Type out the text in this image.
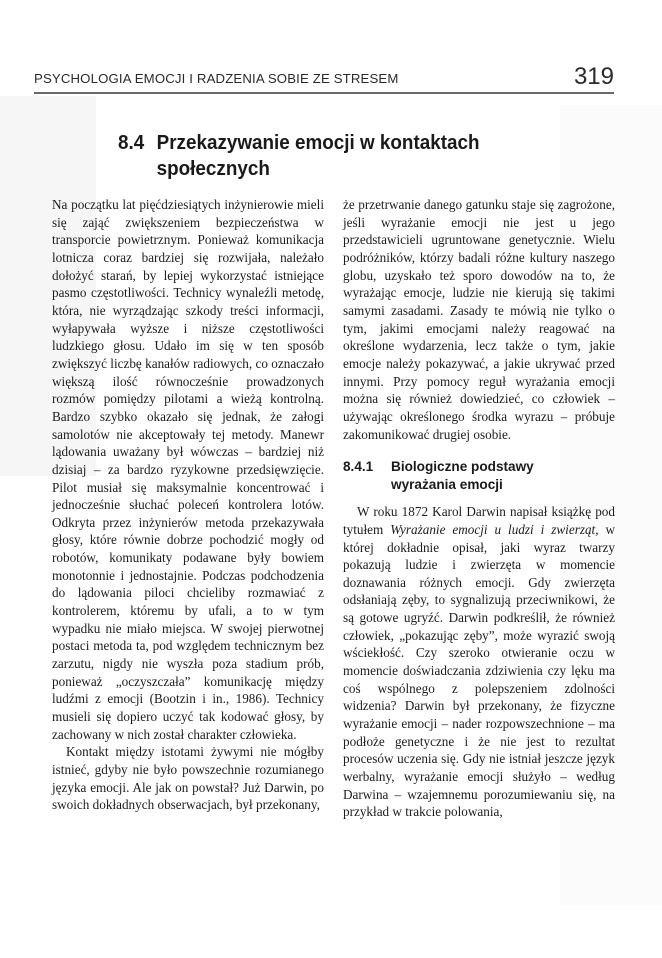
PSYCHOLOGIA EMOCJI I RADZENIA SOBIE ZE STRESEM	319
8.4 Przekazywanie emocji w kontaktach
społecznych

Na początku lat pięćdziesiątych inżynierowie mieli się zająć zwiększeniem bezpieczeństwa w transporcie powietrznym. Ponieważ komunikacja lotnicza coraz bardziej się rozwijała, należało dołożyć starań, by lepiej wykorzystać istniejące pasmo częstotliwości. Technicy wynaleźli metodę, która, nie wyrządzając szkody treści informacji, wyłapywała wyższe i niższe częstotliwości ludzkiego głosu. Udało im się w ten sposób zwiększyć liczbę kanałów radiowych, co oznaczało większą ilość równocześnie prowadzonych rozmów pomiędzy pilotami a wieżą kontrolną. Bardzo szybko okazało się jednak, że załogi samolotów nie akceptowały tej metody. Manewr lądowania uważany był wówczas – bardziej niż dzisiaj – za bardzo ryzykowne przedsięwzięcie. Pilot musiał się maksymalnie koncentrować i jednocześnie słuchać poleceń kontrolera lotów. Odkryta przez inżynierów metoda przekazywała głosy, które równie dobrze pochodzić mogły od robotów, komunikaty podawane były bowiem monotonnie i jednostajnie. Podczas podchodzenia do lądowania piloci chcieliby rozmawiać z kontrolerem, któremu by ufali, a to w tym wypadku nie miało miejsca. W swojej pierwotnej postaci metoda ta, pod względem technicznym bez zarzutu, nigdy nie wyszła poza stadium prób, ponieważ „oczyszczała” komunikację między ludźmi z emocji (Bootzin i in., 1986). Technicy musieli się dopiero uczyć tak kodować głosy, by zachowany w nich został charakter człowieka.

Kontakt między istotami żywymi nie mógłby istnieć, gdyby nie było powszechnie rozumianego języka emocji. Ale jak on powstał? Już Darwin, po swoich dokładnych obserwacjach, był przekonany,

że przetrwanie danego gatunku staje się zagrożone, jeśli wyrażanie emocji nie jest u jego przedstawicieli ugruntowane genetycznie. Wielu podróżników, którzy badali różne kultury naszego globu, uzyskało też sporo dowodów na to, że wyrażając emocje, ludzie nie kierują się takimi samymi zasadami. Zasady te mówią nie tylko o tym, jakimi emocjami należy reagować na określone wydarzenia, lecz także o tym, jakie emocje należy pokazywać, a jakie ukrywać przed innymi. Przy pomocy reguł wyrażania emocji można się również dowiedzieć, co człowiek – używając określonego środka wyrazu – próbuje zakomunikować drugiej osobie.

8.4.1 Biologiczne podstawy
wyrażania emocji

W roku 1872 Karol Darwin napisał książkę pod tytułem Wyrażanie emocji u ludzi i zwierząt, w której dokładnie opisał, jaki wyraz twarzy pokazują ludzie i zwierzęta w momencie doznawania różnych emocji. Gdy zwierzęta odsłaniają zęby, to sygnalizują przeciwnikowi, że są gotowe ugryźć. Darwin podkreślił, że również człowiek, „pokazując zęby”, może wyrazić swoją wściekłość. Czy szeroko otwieranie oczu w momencie doświadczania zdziwienia czy lęku ma coś wspólnego z polepszeniem zdolności widzenia? Darwin był przekonany, że fizyczne wyrażanie emocji – nader rozpowszechnione – ma podłoże genetyczne i że nie jest to rezultat procesów uczenia się. Gdy nie istniał jeszcze język werbalny, wyrażanie emocji służyło – według Darwina – wzajemnemu porozumiewaniu się, na przykład w trakcie polowania,
